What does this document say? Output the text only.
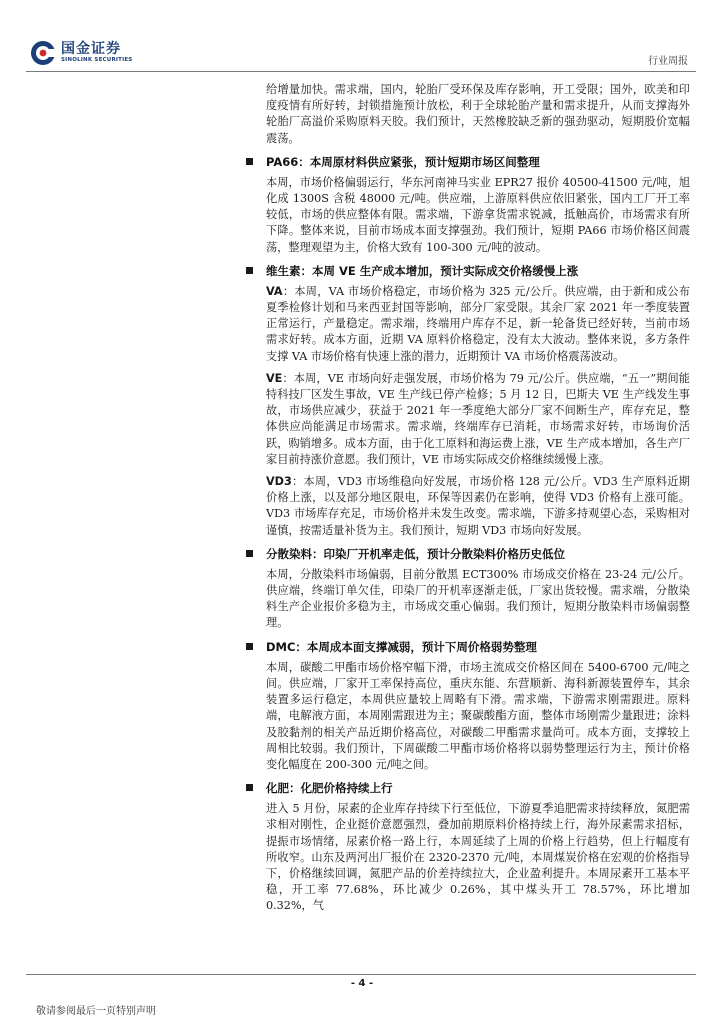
国金证券
SINOLINK SECURITIES	行业周报

给增量加快。需求端，国内，轮胎厂受环保及库存影响，开工受限；国外，欧美和印度疫情有所好转，封锁措施预计放松，利于全球轮胎产量和需求提升，从而支撑海外轮胎厂高溢价采购原料天胶。我们预计，天然橡胶缺乏新的强劲驱动，短期股价宽幅震荡。

PA66：本周原材料供应紧张，预计短期市场区间整理

本周，市场价格偏弱运行，华东河南神马实业 EPR27 报价 40500-41500 元/吨，旭化成 1300S 含税 48000 元/吨。供应端，上游原料供应依旧紧张，国内工厂开工率较低，市场的供应整体有限。需求端，下游拿货需求锐减，抵触高价，市场需求有所下降。整体来说，目前市场成本面支撑强劲。我们预计，短期 PA66 市场价格区间震荡，整理观望为主，价格大致有 100-300 元/吨的波动。

维生素：本周 VE 生产成本增加，预计实际成交价格缓慢上涨

VA：本周，VA 市场价格稳定，市场价格为 325 元/公斤。供应端，由于新和成公布夏季检修计划和马来西亚封国等影响，部分厂家受限。其余厂家 2021 年一季度装置正常运行，产量稳定。需求端，终端用户库存不足，新一轮备货已经好转，当前市场需求好转。成本方面，近期 VA 原料价格稳定，没有太大波动。整体来说，多方条件支撑 VA 市场价格有快速上涨的潜力，近期预计 VA 市场价格震荡波动。

VE：本周，VE 市场向好走强发展，市场价格为 79 元/公斤。供应端，“五一”期间能特科技厂区发生事故，VE 生产线已停产检修；5 月 12 日，巴斯夫 VE 生产线发生事故，市场供应减少，获益于 2021 年一季度绝大部分厂家不间断生产，库存充足，整体供应尚能满足市场需求。需求端，终端库存已消耗，市场需求好转，市场询价活跃，购销增多。成本方面，由于化工原料和海运费上涨，VE 生产成本增加，各生产厂家目前持涨价意愿。我们预计，VE 市场实际成交价格继续缓慢上涨。

VD3：本周，VD3 市场维稳向好发展，市场价格 128 元/公斤。VD3 生产原料近期价格上涨，以及部分地区限电，环保等因素仍在影响，使得 VD3 价格有上涨可能。VD3 市场库存充足，市场价格并未发生改变。需求端，下游多持观望心态，采购相对谨慎，按需适量补货为主。我们预计，短期 VD3 市场向好发展。

分散染料：印染厂开机率走低，预计分散染料价格历史低位

本周，分散染料市场偏弱，目前分散黑 ECT300% 市场成交价格在 23-24 元/公斤。供应端，终端订单欠佳，印染厂的开机率逐渐走低，厂家出货较慢。需求端，分散染料生产企业报价多稳为主，市场成交重心偏弱。我们预计，短期分散染料市场偏弱整理。

DMC：本周成本面支撑减弱，预计下周价格弱势整理

本周，碳酸二甲酯市场价格窄幅下滑，市场主流成交价格区间在 5400-6700 元/吨之间。供应端，厂家开工率保持高位，重庆东能、东营顺新、海科新源装置停车，其余装置多运行稳定，本周供应量较上周略有下滑。需求端，下游需求刚需跟进。原料端，电解液方面，本周刚需跟进为主；聚碳酸酯方面，整体市场刚需少量跟进；涂料及胶黏剂的相关产品近期价格高位，对碳酸二甲酯需求量尚可。成本方面，支撑较上周相比较弱。我们预计，下周碳酸二甲酯市场价格将以弱势整理运行为主，预计价格变化幅度在 200-300 元/吨之间。

化肥：化肥价格持续上行

进入 5 月份，尿素的企业库存持续下行至低位，下游夏季追肥需求持续释放，氮肥需求相对刚性，企业挺价意愿强烈，叠加前期原料价格持续上行，海外尿素需求招标，提振市场情绪，尿素价格一路上行，本周延续了上周的价格上行趋势，但上行幅度有所收窄。山东及两河出厂报价在 2320-2370 元/吨，本周煤炭价格在宏观的价格指导下，价格继续回调，氮肥产品的价差持续拉大，企业盈利提升。本周尿素开工基本平稳，开工率 77.68%，环比减少 0.26%，其中煤头开工 78.57%，环比增加 0.32%，气

- 4 -
敬请参阅最后一页特别声明
